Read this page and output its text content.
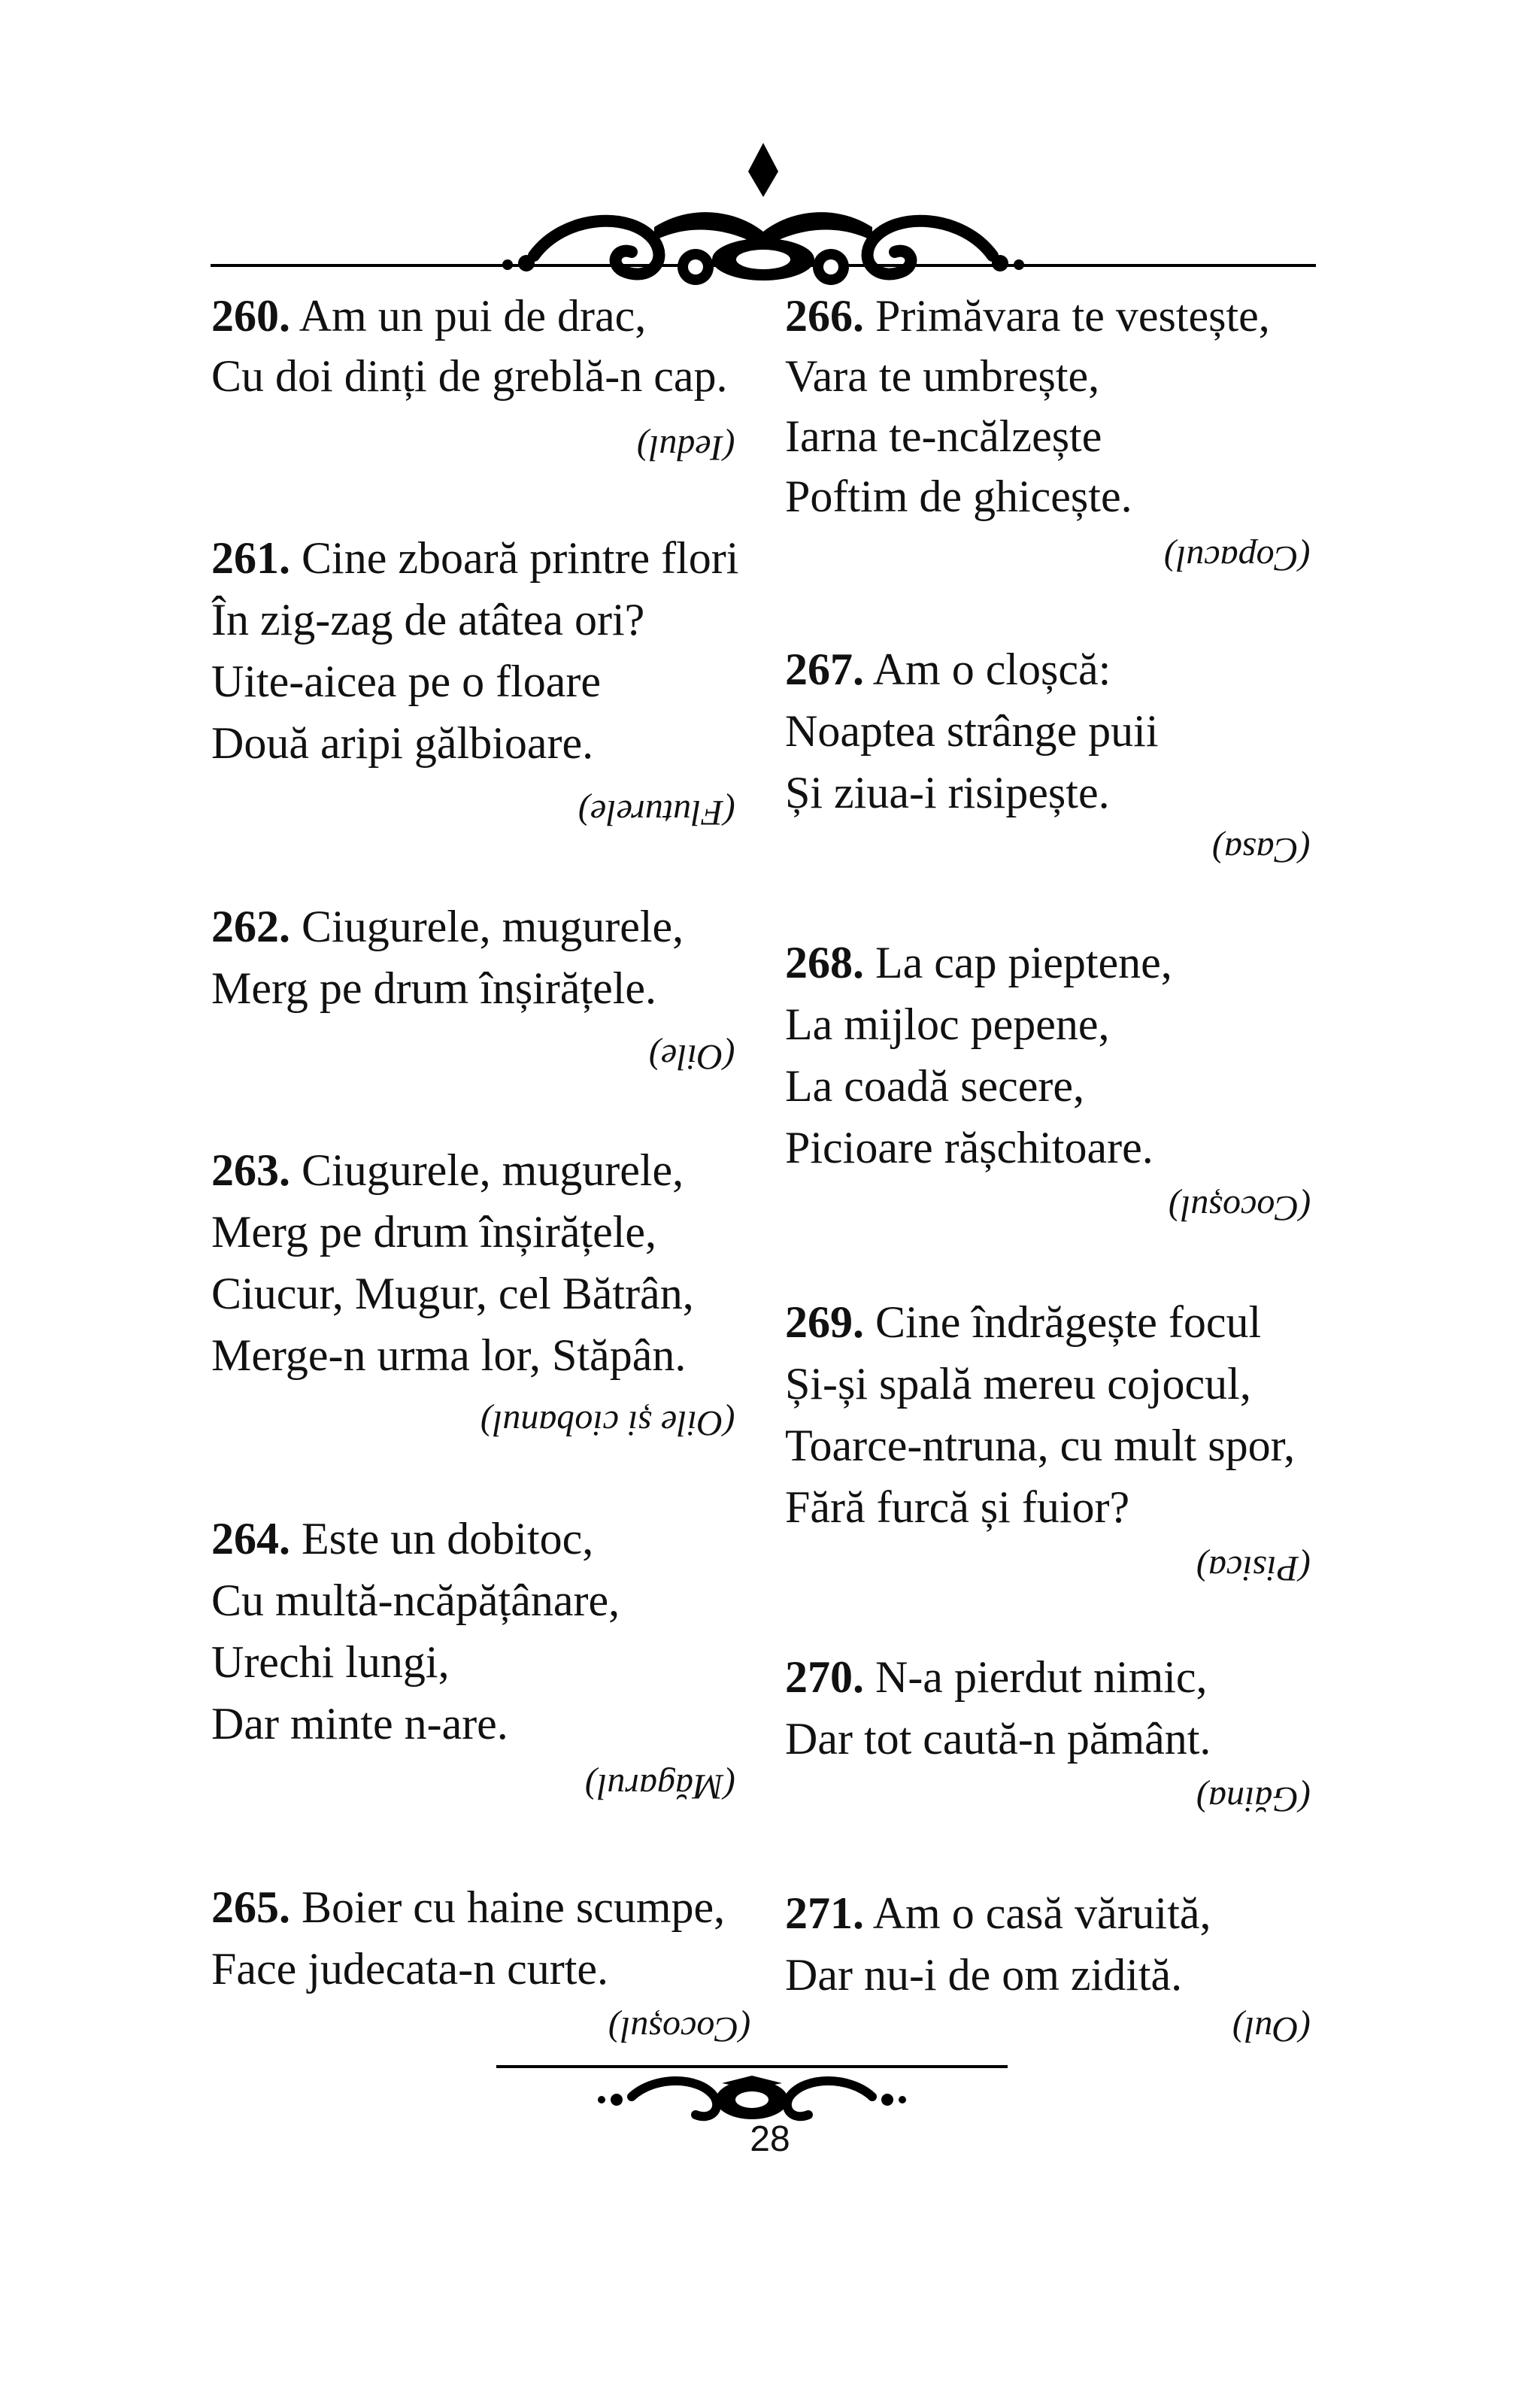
260. Am un pui de drac,
Cu doi dinți de greblă-n cap.
(Iedul)
261. Cine zboară printre flori
În zig-zag de atâtea ori?
Uite-aicea pe o floare
Două aripi gălbioare.
(Fluturele)
262. Ciugurele, mugurele,
Merg pe drum înșirățele.
(Oile)
263. Ciugurele, mugurele,
Merg pe drum înșirățele,
Ciucur, Mugur, cel Bătrân,
Merge-n urma lor, Stăpân.
(Oile și ciobanul)
264. Este un dobitoc,
Cu multă-ncăpățânare,
Urechi lungi,
Dar minte n-are.
(Măgarul)
265. Boier cu haine scumpe,
Face judecata-n curte.
(Cocoșul)
266. Primăvara te vestește,
Vara te umbrește,
Iarna te-ncălzește
Poftim de ghicește.
(Copacul)
267. Am o cloșcă:
Noaptea strânge puii
Și ziua-i risipește.
(Casa)
268. La cap pieptene,
La mijloc pepene,
La coadă secere,
Picioare rășchitoare.
(Cocoșul)
269. Cine îndrăgește focul
Și-și spală mereu cojocul,
Toarce-ntruna, cu mult spor,
Fără furcă și fuior?
(Pisica)
270. N-a pierdut nimic,
Dar tot caută-n pământ.
(Găina)
271. Am o casă văruită,
Dar nu-i de om zidită.
(Oul)
28
